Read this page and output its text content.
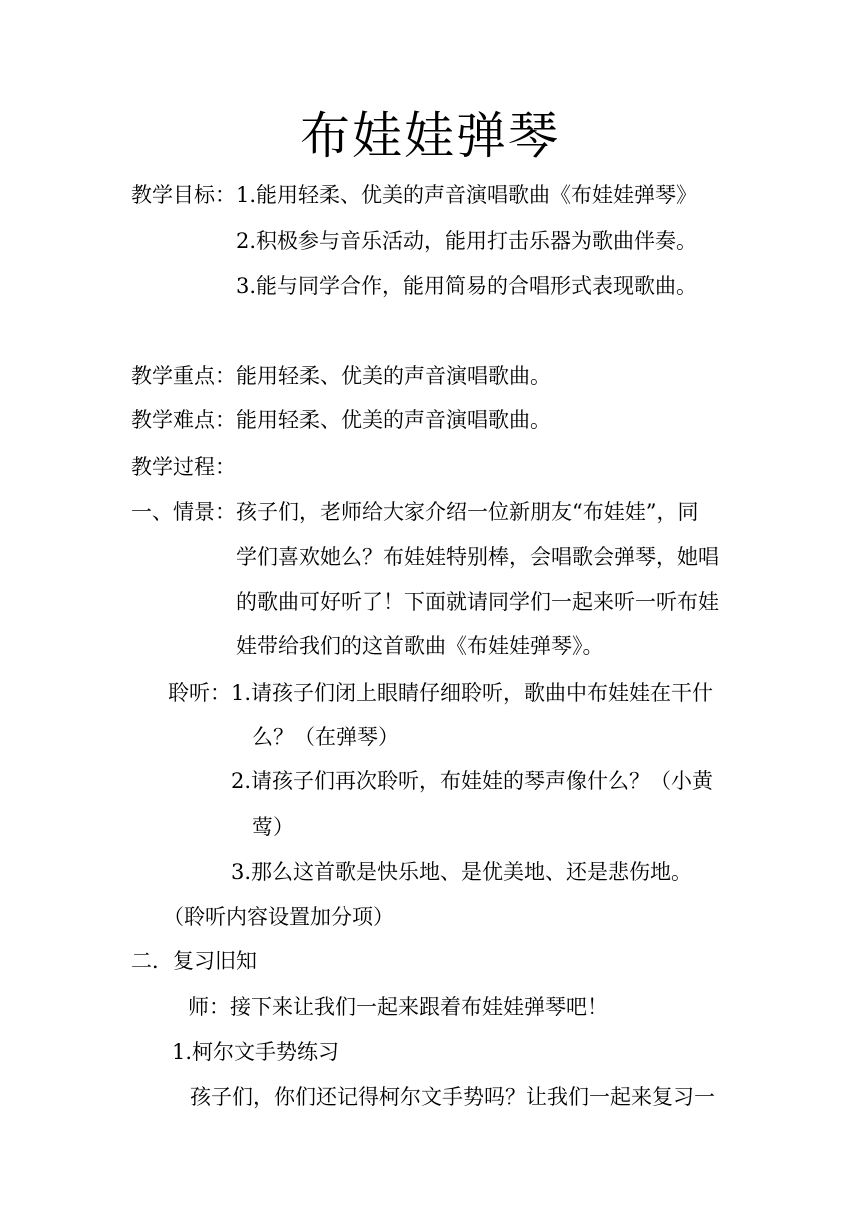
布娃娃弹琴
教学目标： 1.能用轻柔、优美的声音演唱歌曲《布娃娃弹琴》
2.积极参与音乐活动，能用打击乐器为歌曲伴奏。
3.能与同学合作，能用简易的合唱形式表现歌曲。
教学重点：能用轻柔、优美的声音演唱歌曲。
教学难点：能用轻柔、优美的声音演唱歌曲。
教学过程：
一、情景： 孩子们，老师给大家介绍一位新朋友“布娃娃”，同
学们喜欢她么？布娃娃特别棒，会唱歌会弹琴，她唱
的歌曲可好听了！下面就请同学们一起来听一听布娃
娃带给我们的这首歌曲《布娃娃弹琴》。
聆听： 1.请孩子们闭上眼睛仔细聆听，歌曲中布娃娃在干什
么？（在弹琴）
2.请孩子们再次聆听，布娃娃的琴声像什么？（小黄
莺）
3.那么这首歌是快乐地、是优美地、还是悲伤地。
（聆听内容设置加分项）
二．复习旧知
师：接下来让我们一起来跟着布娃娃弹琴吧！
1.柯尔文手势练习
孩子们，你们还记得柯尔文手势吗？让我们一起来复习一
